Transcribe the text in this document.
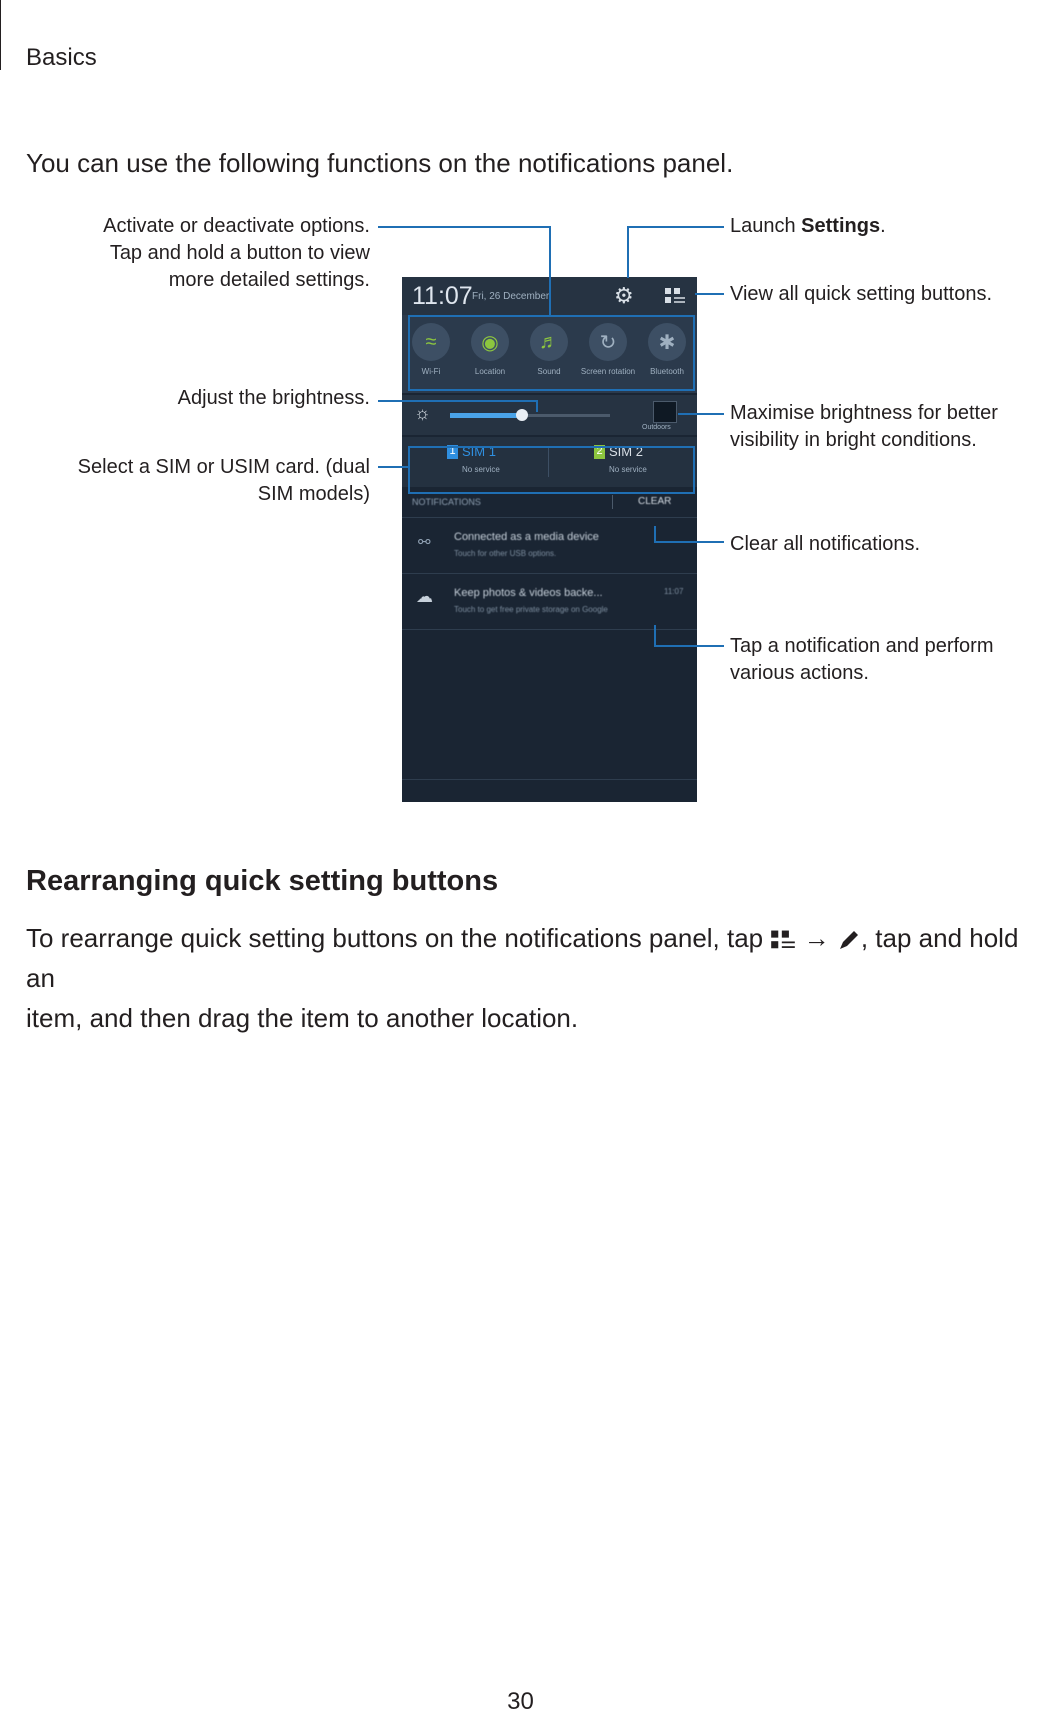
Basics
You can use the following functions on the notifications panel.
Activate or deactivate options.
Tap and hold a button to view
more detailed settings.
Adjust the brightness.
Select a SIM or USIM card. (dual
SIM models)
Launch Settings.
View all quick setting buttons.
Maximise brightness for better
visibility in bright conditions.
Clear all notifications.
Tap a notification and perform
various actions.
11:07 Fri, 26 December	⚙
≈
Wi-Fi
◉
Location
♬
Sound
↻
Screen rotation
✱
Bluetooth
☼
Outdoors
1 SIM 1
No service
2 SIM 2
No service
NOTIFICATIONS	CLEAR
⚯ Connected as a media device
Touch for other USB options.
☁ Keep photos & videos backe...	11:07
Touch to get free private storage on Google
Rearranging quick setting buttons
To rearrange quick setting buttons on the notifications panel, tap  → , tap and hold an
item, and then drag the item to another location.
30
